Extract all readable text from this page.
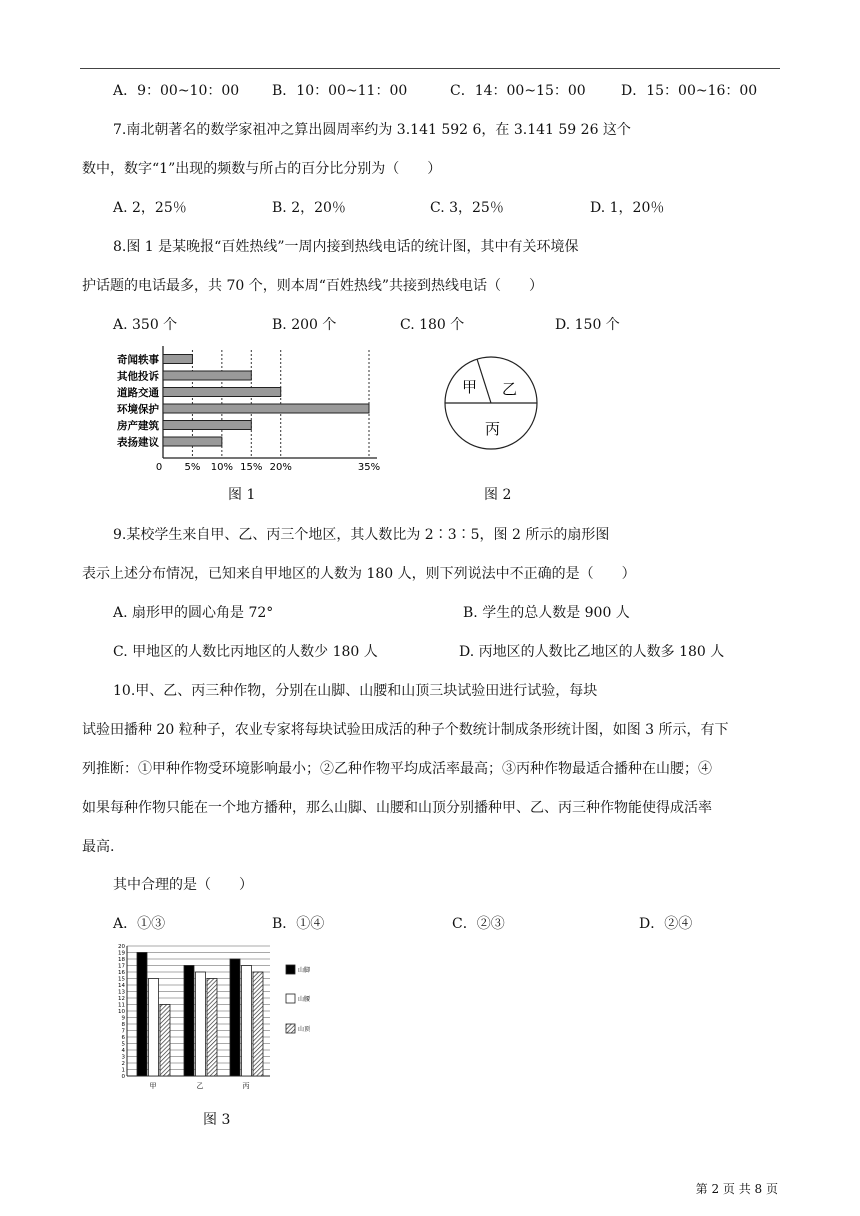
A．9：00~10：00 B．10：00~11：00	C．14：00~15：00	D．15：00~16：00
7.南北朝著名的数学家祖冲之算出圆周率约为 3.141 592 6，在 3.141 59 26 这个
数中，数字“1”出现的频数与所占的百分比分别为（　　）
A. 2，25％	B. 2，20％	C. 3，25％	D. 1，20％
8.图 1 是某晚报“百姓热线”一周内接到热线电话的统计图，其中有关环境保
护话题的电话最多，共 70 个，则本周“百姓热线”共接到热线电话（　　）
A. 350 个	B. 200 个	C. 180 个	D. 150 个
奇闻轶事
其他投诉
道路交通
环境保护
房产建筑
表扬建议
0 5% 10% 15% 20%	35%
图 1
甲 乙
丙
图 2
9.某校学生来自甲、乙、丙三个地区，其人数比为 2∶3∶5，图 2 所示的扇形图
表示上述分布情况，已知来自甲地区的人数为 180 人，则下列说法中不正确的是（　　）
A. 扇形甲的圆心角是 72°	B. 学生的总人数是 900 人
C. 甲地区的人数比丙地区的人数少 180 人	D. 丙地区的人数比乙地区的人数多 180 人
10.甲、乙、丙三种作物，分别在山脚、山腰和山顶三块试验田进行试验，每块
试验田播种 20 粒种子，农业专家将每块试验田成活的种子个数统计制成条形统计图，如图 3 所示，有下
列推断：①甲种作物受环境影响最小；②乙种作物平均成活率最高；③丙种作物最适合播种在山腰；④
如果每种作物只能在一个地方播种，那么山脚、山腰和山顶分别播种甲、乙、丙三种作物能使得成活率
最高.
其中合理的是（　　）
A．①③	B．①④	C．②③	D．②④
0
1
2
3
4
5
6
7
8
9
10
11
12
13
14
15
16
17
18
19
20
甲	乙	丙
山脚
山腰
山顶
图 3
第 2 页 共 8 页
